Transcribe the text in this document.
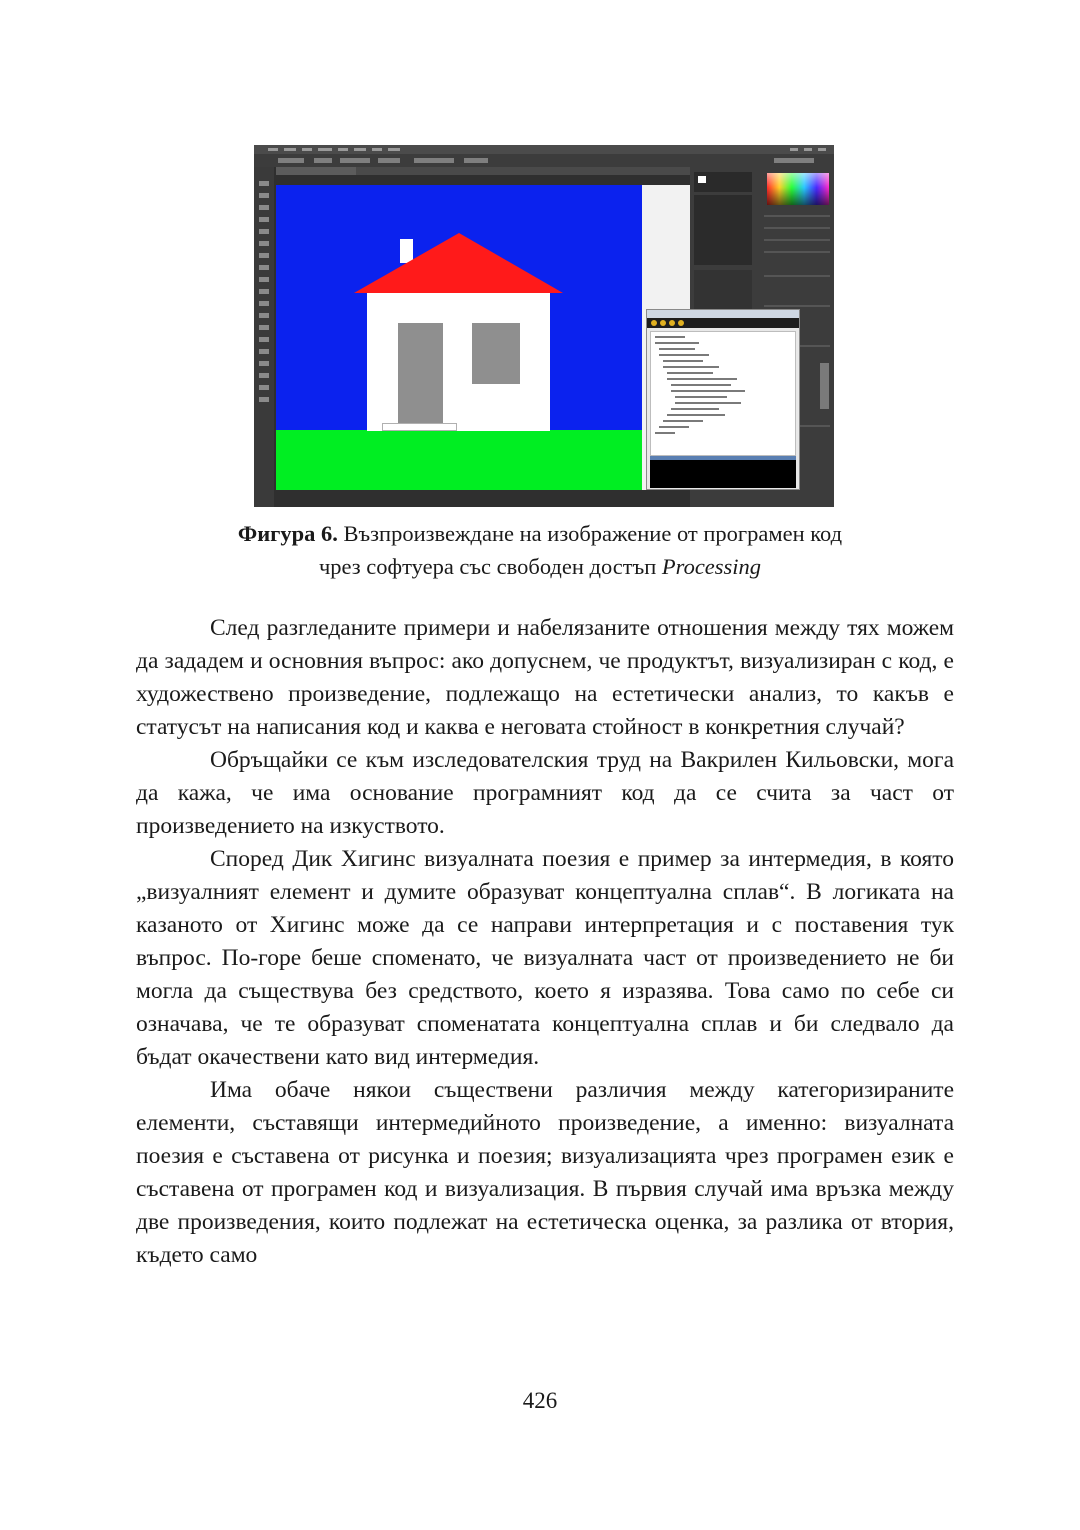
Фигура 6. Възпроизвеждане на изображение от програмен код
чрез софтуера със свободен достъп Processing

След разгледаните примери и набелязаните отношения между тях можем да зададем и основния въпрос: ако допуснем, че продуктът, визуализиран с код, е художествено произведение, подлежащо на естетически анализ, то какъв е статусът на написания код и каква е неговата стойност в конкретния случай?

Обръщайки се към изследователския труд на Вакрилен Кильовски, мога да кажа, че има основание програмният код да се счита за част от произведението на изкуството.

Според Дик Хигинс визуалната поезия е пример за интермедия, в която „визуалният елемент и думите образуват концептуална сплав“. В логиката на казаното от Хигинс може да се направи интерпретация и с поставения тук въпрос. По-горе беше споменато, че визуалната част от произведението не би могла да съществува без средството, което я изразява. Това само по себе си означава, че те образуват споменатата концептуална сплав и би следвало да бъдат окачествени като вид интермедия.

Има обаче някои съществени различия между категоризираните елементи, съставящи интермедийното произведение, а именно: визуалната поезия е съставена от рисунка и поезия; визуализацията чрез програмен език е съставена от програмен код и визуализация. В първия случай има връзка между две произведения, които подлежат на естетическа оценка, за разлика от втория, където само

426
